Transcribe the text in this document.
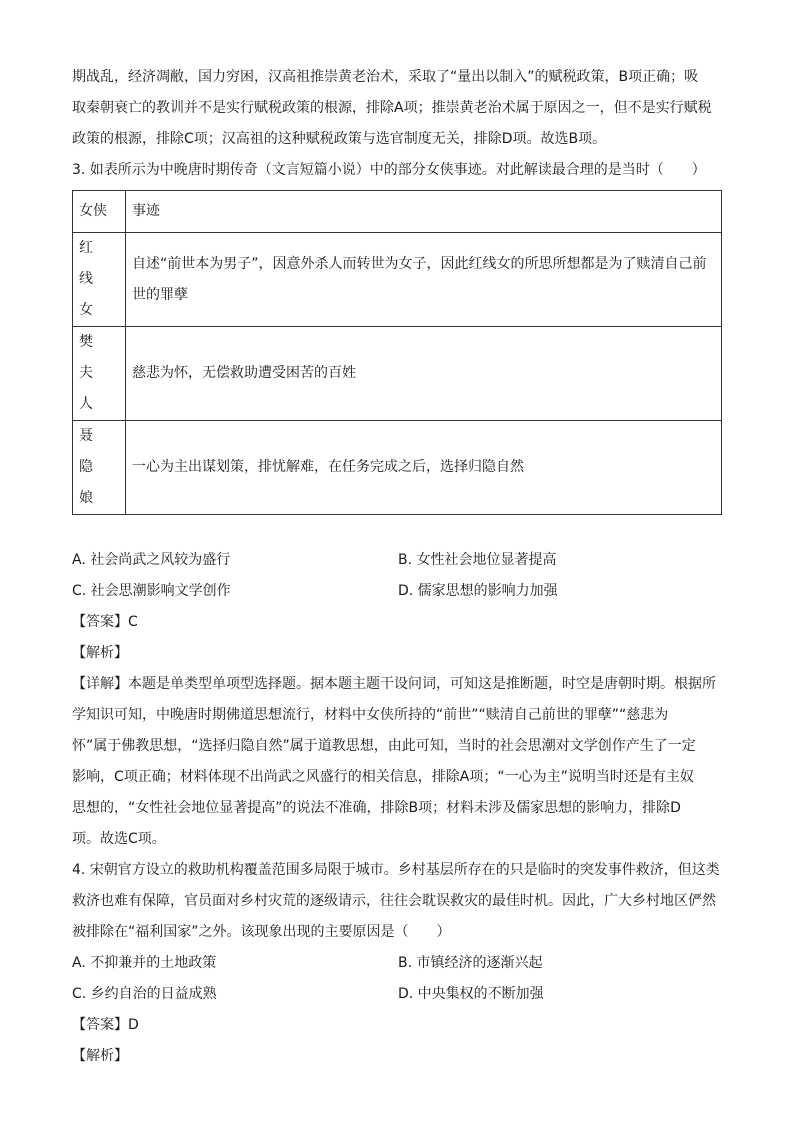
期战乱，经济凋敝，国力穷困，汉高祖推崇黄老治术，采取了“量出以制入”的赋税政策，B项正确；吸

取秦朝衰亡的教训并不是实行赋税政策的根源，排除A项；推崇黄老治术属于原因之一，但不是实行赋税

政策的根源，排除C项；汉高祖的这种赋税政策与选官制度无关，排除D项。故选B项。

3. 如表所示为中晚唐时期传奇（文言短篇小说）中的部分女侠事迹。对此解读最合理的是当时（　　）

女侠	事迹

红　线
女	自述“前世本为男子”，因意外杀人而转世为女子，因此红线女的所思所想都是为了赎清自己前世的罪孽

樊　夫
人	慈悲为怀，无偿救助遭受困苦的百姓

聂　隐
娘	一心为主出谋划策，排忧解难，在任务完成之后，选择归隐自然
A. 社会尚武之风较为盛行	B. 女性社会地位显著提高
C. 社会思潮影响文学创作	D. 儒家思想的影响力加强

【答案】C

【解析】

【详解】本题是单类型单项型选择题。据本题主题干设问词，可知这是推断题，时空是唐朝时期。根据所

学知识可知，中晚唐时期佛道思想流行，材料中女侠所持的“前世”“赎清自己前世的罪孽”“慈悲为

怀”属于佛教思想，“选择归隐自然”属于道教思想，由此可知，当时的社会思潮对文学创作产生了一定

影响，C项正确；材料体现不出尚武之风盛行的相关信息，排除A项；“一心为主”说明当时还是有主奴

思想的，“女性社会地位显著提高”的说法不准确，排除B项；材料未涉及儒家思想的影响力，排除D

项。故选C项。

4. 宋朝官方设立的救助机构覆盖范围多局限于城市。乡村基层所存在的只是临时的突发事件救济，但这类

救济也难有保障，官员面对乡村灾荒的逐级请示，往往会耽误救灾的最佳时机。因此，广大乡村地区俨然

被排除在“福利国家”之外。该现象出现的主要原因是（　　）

A. 不抑兼并的土地政策	B. 市镇经济的逐渐兴起
C. 乡约自治的日益成熟	D. 中央集权的不断加强

【答案】D

【解析】
